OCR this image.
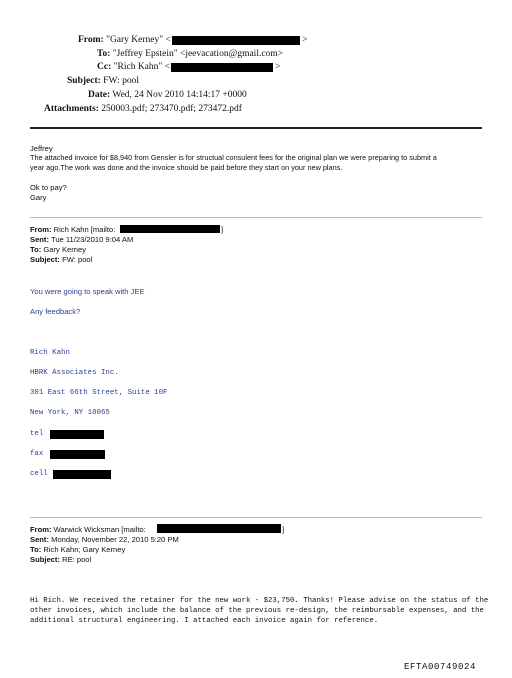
From: "Gary Kerney" <	>
To: "Jeffrey Epstein" <jeevacation@gmail.com>
Cc: "Rich Kahn" <	>
Subject: FW: pool
Date: Wed, 24 Nov 2010 14:14:17 +0000
Attachments: 250003.pdf; 273470.pdf; 273472.pdf
Jeffrey
The attached invoice for $8,940 from Gensler is for structual consulent fees for the original plan we were preparing to submit a
year ago.The work was done and the invoice should be paid before they start on your new plans.
Ok to pay?
Gary
From: Rich Kahn [mailto:	]
Sent: Tue 11/23/2010 9:04 AM
To: Gary Kerney
Subject: FW: pool
You were going to speak with JEE
Any feedback?
Rich Kahn
HBRK Associates Inc.
301 East 66th Street, Suite 10F
New York, NY 10065
tel
fax
cell
From: Warwick Wicksman [mailto:	]
Sent: Monday, November 22, 2010 5:20 PM
To: Rich Kahn; Gary Kerney
Subject: RE: pool
Hi Rich. We received the retainer for the new work - $23,750. Thanks! Please advise on the status of the
other invoices, which include the balance of the previous re-design, the reimbursable expenses, and the
additional structural engineering. I attached each invoice again for reference.
EFTA00749024
